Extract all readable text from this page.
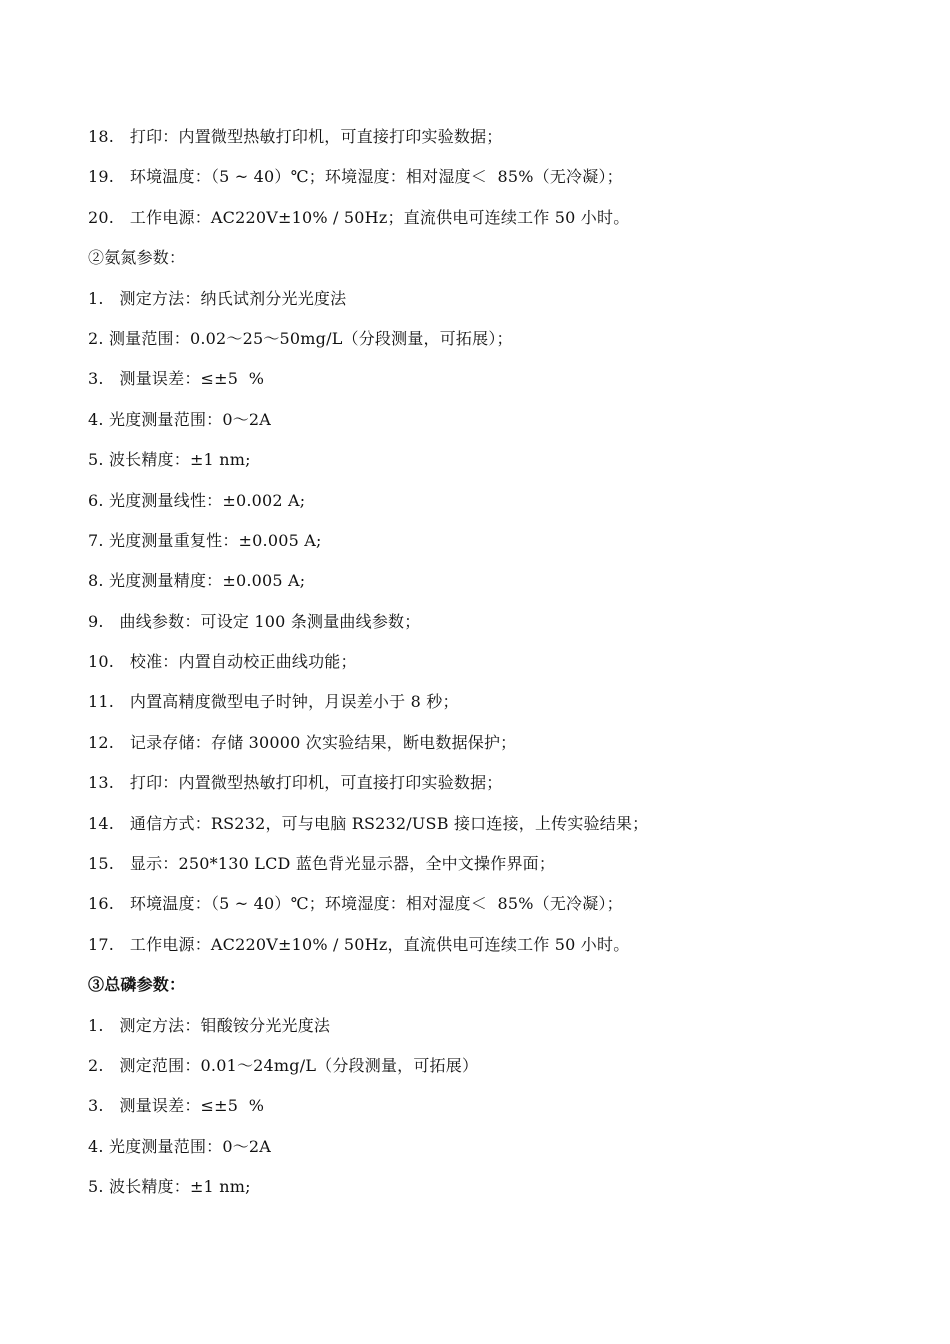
18.   打印：内置微型热敏打印机，可直接打印实验数据；
19.   环境温度：（5 ~ 40）℃；环境湿度：相对湿度＜  85%（无冷凝）；
20.   工作电源：AC220V±10% / 50Hz；直流供电可连续工作 50 小时。
②氨氮参数：
1.   测定方法：纳氏试剂分光光度法
2. 测量范围：0.02～25～50mg/L（分段测量，可拓展）；
3.   测量误差：≤±5  %
4. 光度测量范围：0～2A
5. 波长精度：±1 nm;
6. 光度测量线性：±0.002 A;
7. 光度测量重复性：±0.005 A;
8. 光度测量精度：±0.005 A;
9.   曲线参数：可设定 100 条测量曲线参数；
10.   校准：内置自动校正曲线功能；
11.   内置高精度微型电子时钟，月误差小于 8 秒；
12.   记录存储：存储 30000 次实验结果，断电数据保护；
13.   打印：内置微型热敏打印机，可直接打印实验数据；
14.   通信方式：RS232，可与电脑 RS232/USB 接口连接，上传实验结果；
15.   显示：250*130 LCD 蓝色背光显示器，全中文操作界面；
16.   环境温度：（5 ~ 40）℃；环境湿度：相对湿度＜  85%（无冷凝）；
17.   工作电源：AC220V±10% / 50Hz，直流供电可连续工作 50 小时。
③总磷参数：
1.   测定方法：钼酸铵分光光度法
2.   测定范围：0.01～24mg/L（分段测量，可拓展）
3.   测量误差：≤±5  %
4. 光度测量范围：0～2A
5. 波长精度：±1 nm;
